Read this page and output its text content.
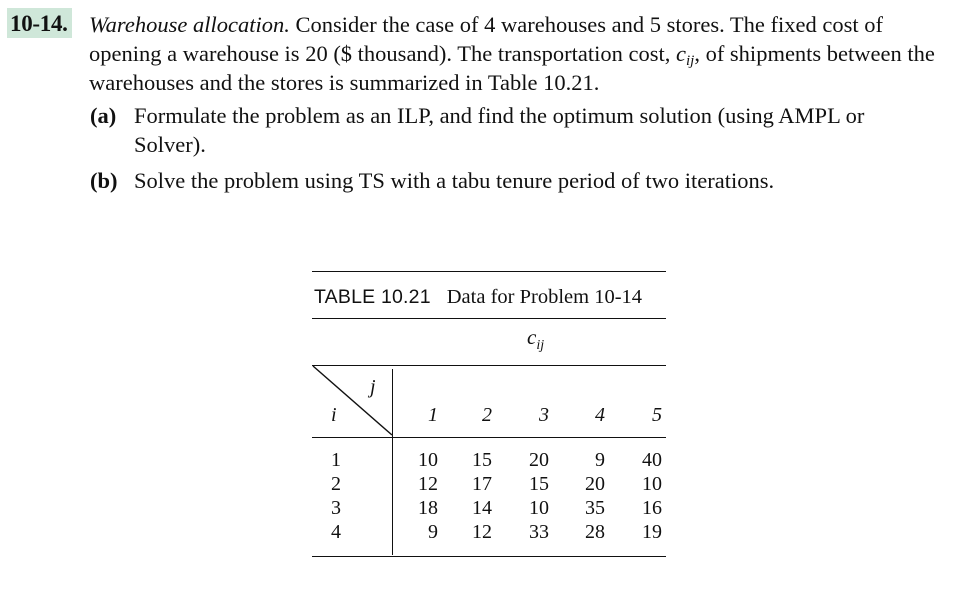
10-14. Warehouse allocation. Consider the case of 4 warehouses and 5 stores. The fixed cost of opening a warehouse is 20 ($ thousand). The transportation cost, $c_{ij}$, of shipments between the warehouses and the stores is summarized in Table 10.21.
(a) Formulate the problem as an ILP, and find the optimum solution (using AMPL or
Solver).
(b) Solve the problem using TS with a tabu tenure period of two iterations.
TABLE 10.21 Data for Problem 10-14
$c_{ij}$
j
i	1	2	3	4	5
1	10	15	20	9	40
2	12	17	15	20	10
3	18	14	10	35	16
4	9	12	33	28	19
